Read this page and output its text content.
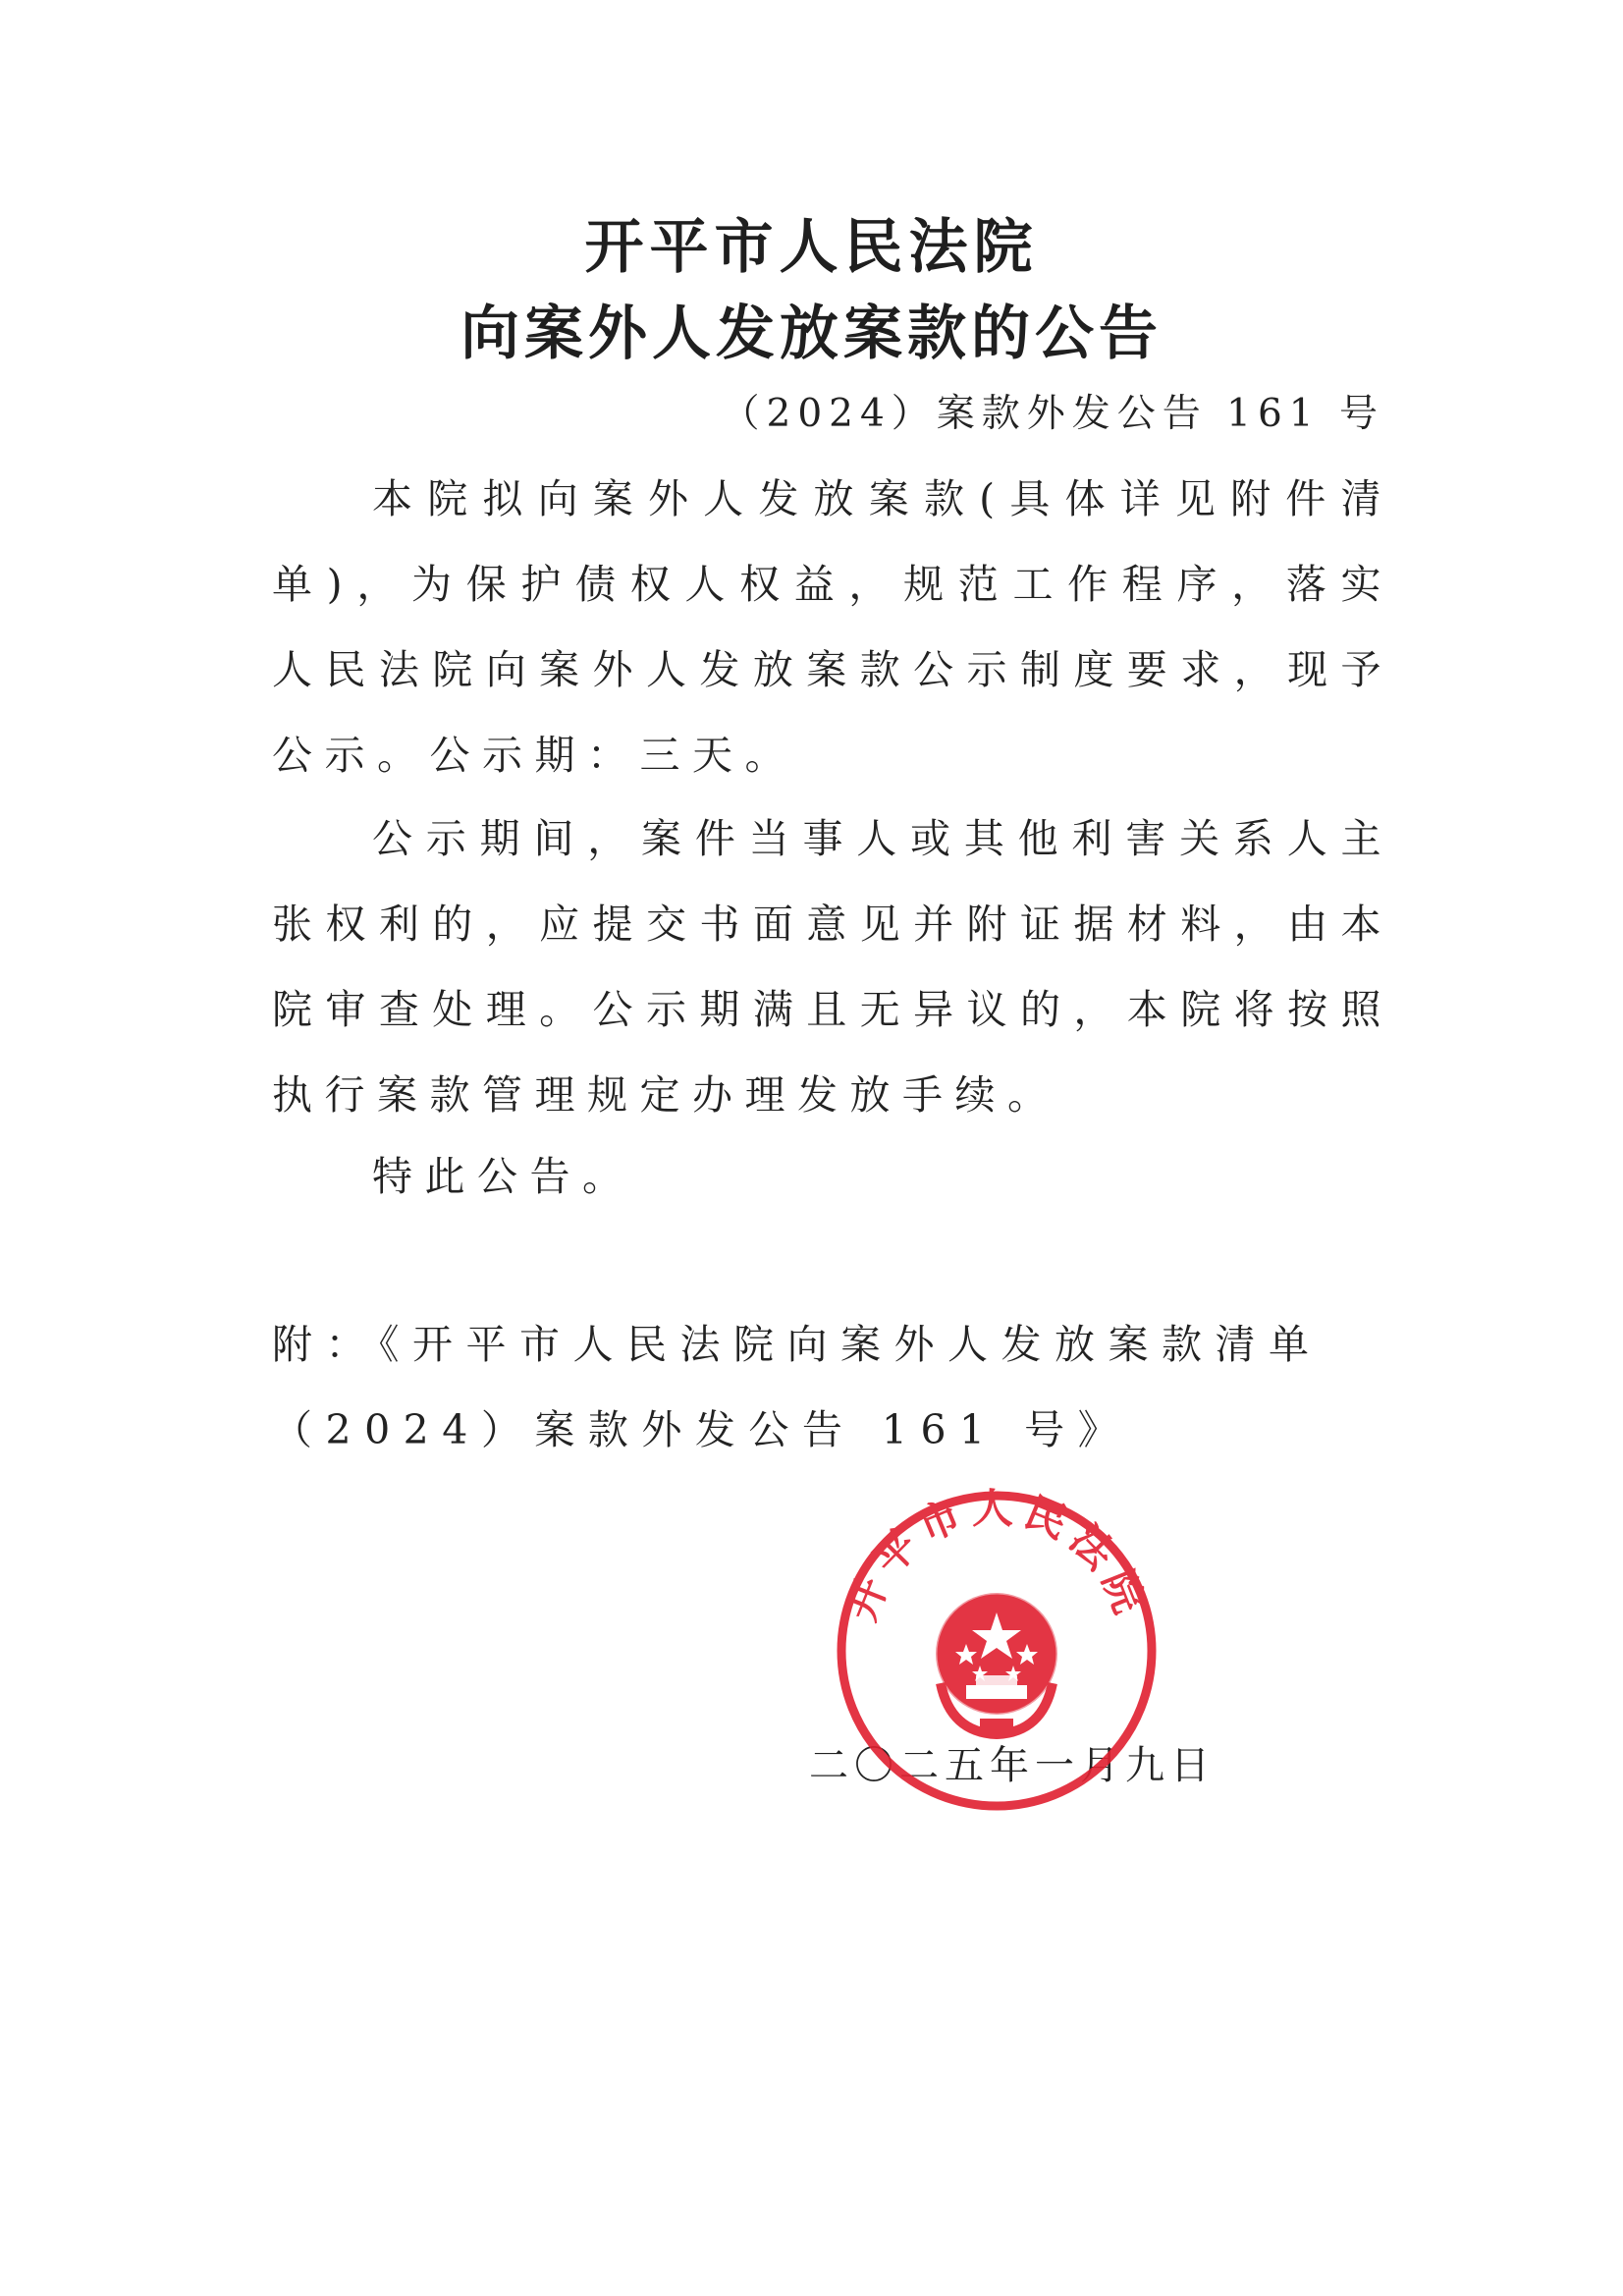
开平市人民法院
向案外人发放案款的公告
（2024）案款外发公告 161 号
本院拟向案外人发放案款(具体详见附件清单)，为保护债权人权益，规范工作程序，落实人民法院向案外人发放案款公示制度要求，现予公示。公示期：三天。
公示期间，案件当事人或其他利害关系人主张权利的，应提交书面意见并附证据材料，由本院审查处理。公示期满且无异议的，本院将按照执行案款管理规定办理发放手续。
特此公告。
附：《开平市人民法院向案外人发放案款清单（2024）案款外发公告 161 号》
二〇二五年一月九日
开平市人民法院
